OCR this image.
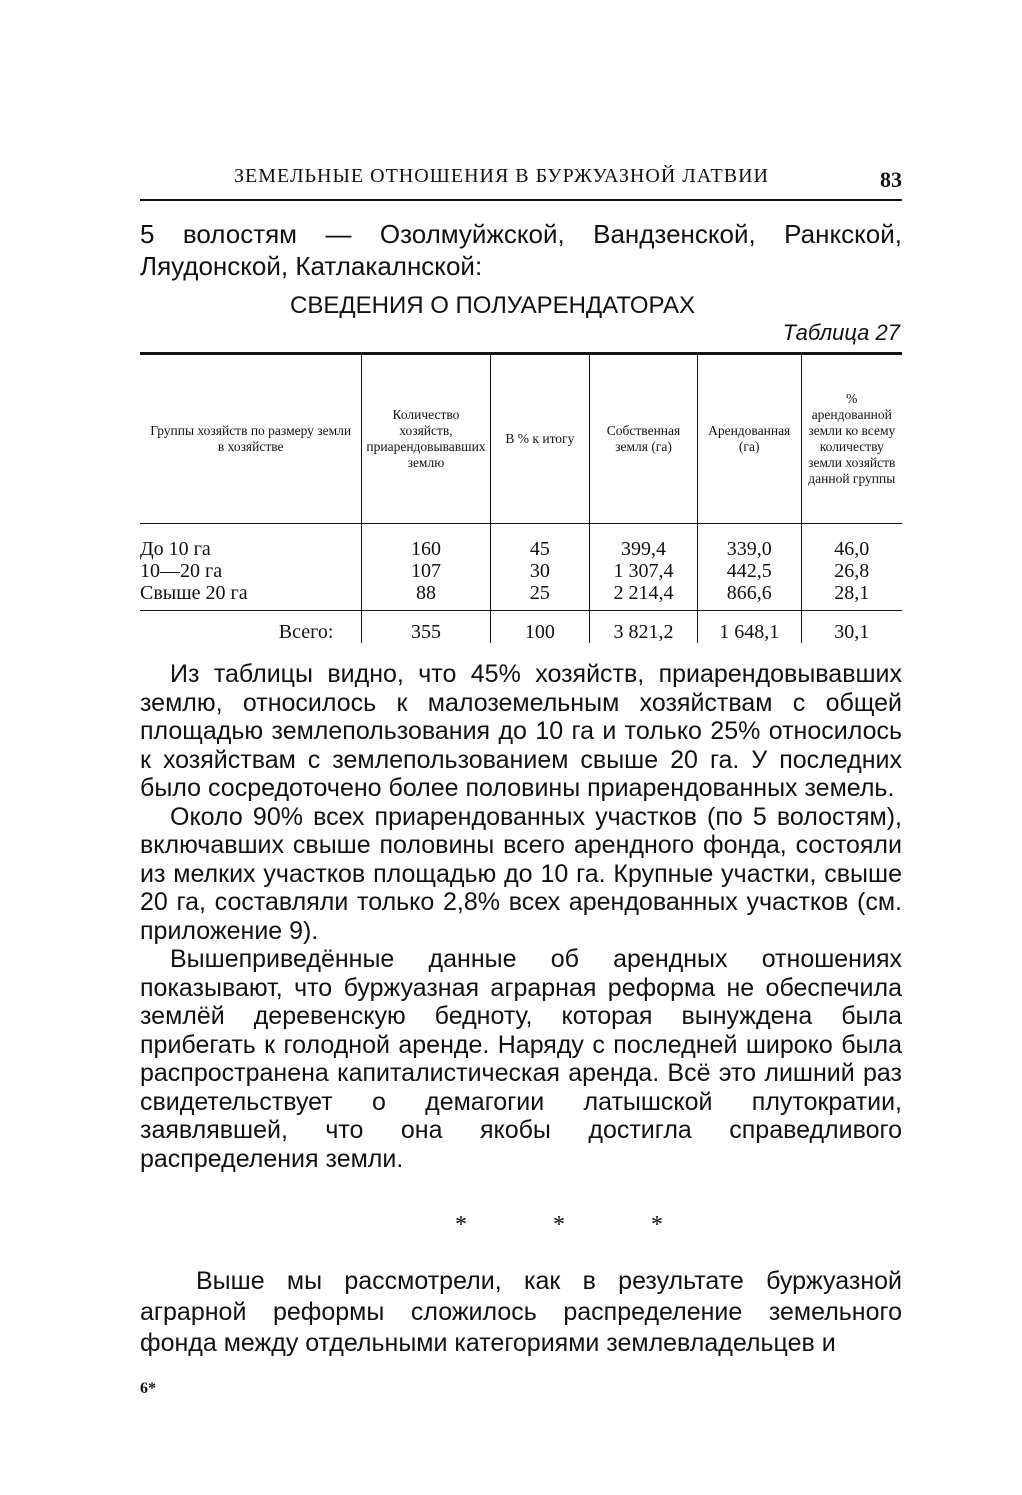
ЗЕМЕЛЬНЫЕ ОТНОШЕНИЯ В БУРЖУАЗНОЙ ЛАТВИИ	83
5 волостям — Озолмуйжской, Вандзенской, Ранкской, Ляудонской, Катлакалнской:
СВЕДЕНИЯ О ПОЛУАРЕНДАТОРАХ
Таблица 27
Группы хозяйств по размеру земли в хозяйстве	Количество хозяйств, приарендовывавших землю	В % к итогу	Собственная земля (га)	Арендованная (га)	% арендованной земли ко всему количеству земли хозяйств данной группы
До 10 га	160	45	399,4	339,0	46,0
10—20 га	107	30	1 307,4	442,5	26,8
Свыше 20 га	88	25	2 214,4	866,6	28,1
Всего:	355	100	3 821,2	1 648,1	30,1

Из таблицы видно, что 45% хозяйств, приарендовывавших землю, относилось к малоземельным хозяйствам с общей площадью землепользования до 10 га и только 25% относилось к хозяйствам с землепользованием свыше 20 га. У последних было сосредоточено более половины приарендованных земель.

Около 90% всех приарендованных участков (по 5 волостям), включавших свыше половины всего арендного фонда, состояли из мелких участков площадью до 10 га. Крупные участки, свыше 20 га, составляли только 2,8% всех арендованных участков (см. приложение 9).

Вышеприведённые данные об арендных отношениях показывают, что буржуазная аграрная реформа не обеспечила землёй деревенскую бедноту, которая вынуждена была прибегать к голодной аренде. Наряду с последней широко была распространена капиталистическая аренда. Всё это лишний раз свидетельствует о демагогии латышской плутократии, заявлявшей, что она якобы достигла справедливого распределения земли.

* * *

Выше мы рассмотрели, как в результате буржуазной аграрной реформы сложилось распределение земельного фонда между отдельными категориями землевладельцев и

6*
